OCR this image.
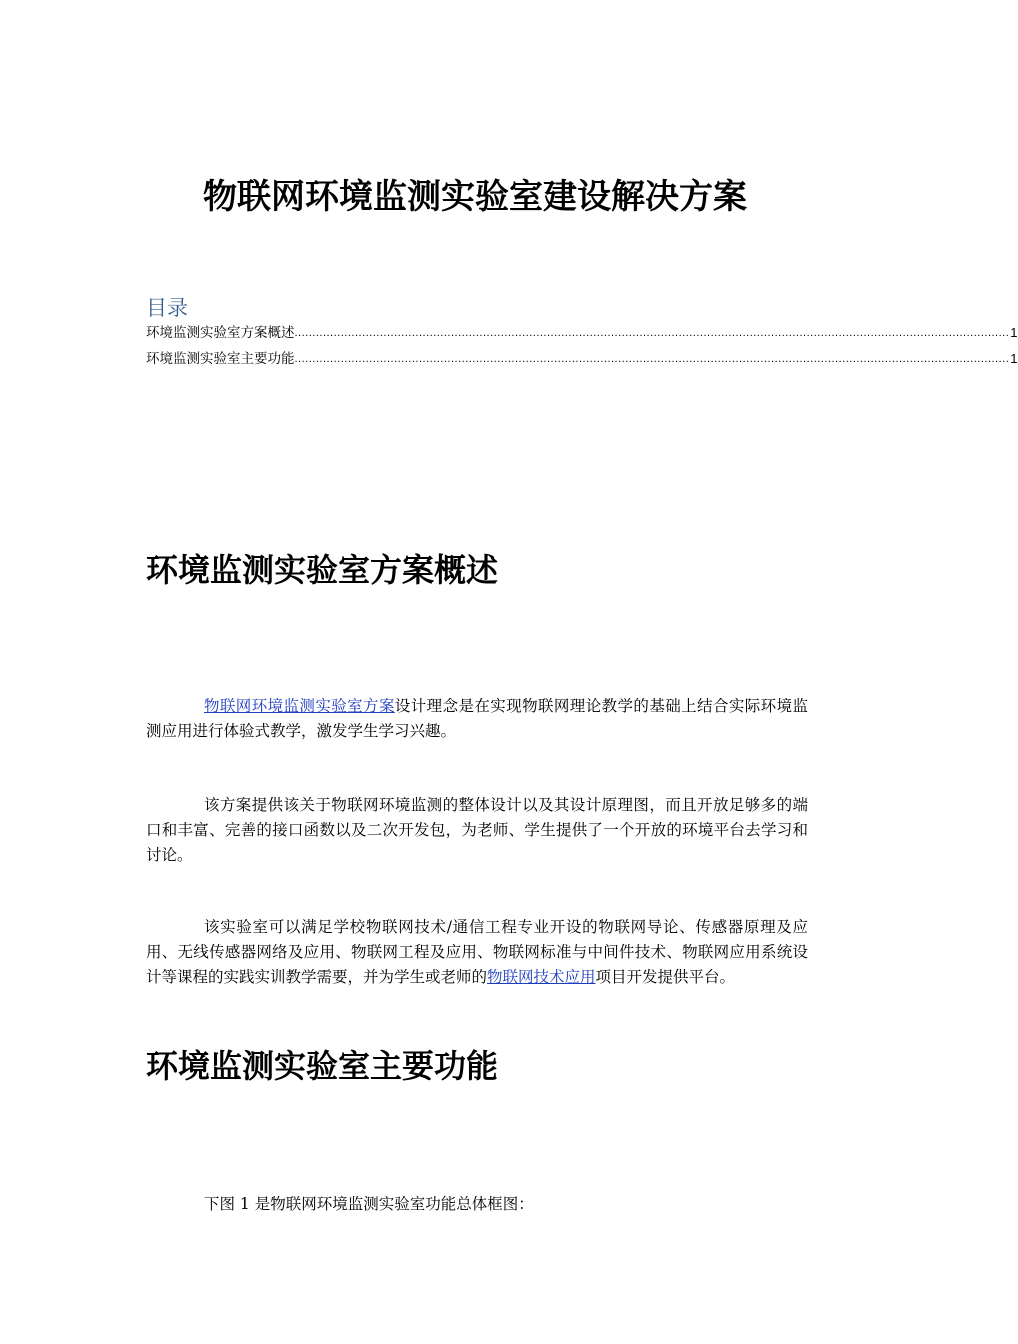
物联网环境监测实验室建设解决方案
目录
环境监测实验室方案概述 ......................................................................................................................................................................................................... 1
环境监测实验室主要功能 ......................................................................................................................................................................................................... 1
环境监测实验室方案概述

物联网环境监测实验室方案设计理念是在实现物联网理论教学的基础上结合实际环境监测应用进行体验式教学，激发学生学习兴趣。

该方案提供该关于物联网环境监测的整体设计以及其设计原理图，而且开放足够多的端口和丰富、完善的接口函数以及二次开发包，为老师、学生提供了一个开放的环境平台去学习和讨论。

该实验室可以满足学校物联网技术/通信工程专业开设的物联网导论、传感器原理及应用、无线传感器网络及应用、物联网工程及应用、物联网标准与中间件技术、物联网应用系统设计等课程的实践实训教学需要，并为学生或老师的物联网技术应用项目开发提供平台。

环境监测实验室主要功能

下图 1 是物联网环境监测实验室功能总体框图：
